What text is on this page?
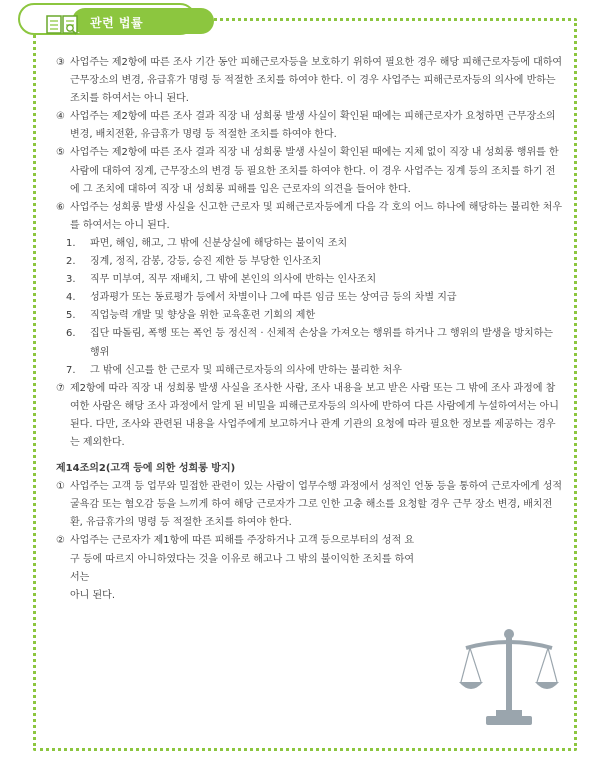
관련 법률
③ 사업주는 제2항에 따른 조사 기간 동안 피해근로자등을 보호하기 위하여 필요한 경우 해당 피해근로자등에 대하여 근무장소의 변경, 유급휴가 명령 등 적절한 조치를 하여야 한다. 이 경우 사업주는 피해근로자등의 의사에 반하는 조치를 하여서는 아니 된다.
④ 사업주는 제2항에 따른 조사 결과 직장 내 성희롱 발생 사실이 확인된 때에는 피해근로자가 요청하면 근무장소의 변경, 배치전환, 유급휴가 명령 등 적절한 조치를 하여야 한다.
⑤ 사업주는 제2항에 따른 조사 결과 직장 내 성희롱 발생 사실이 확인된 때에는 지체 없이 직장 내 성희롱 행위를 한 사람에 대하여 징계, 근무장소의 변경 등 필요한 조치를 하여야 한다. 이 경우 사업주는 징계 등의 조치를 하기 전에 그 조치에 대하여 직장 내 성희롱 피해를 입은 근로자의 의견을 들어야 한다.
⑥ 사업주는 성희롱 발생 사실을 신고한 근로자 및 피해근로자등에게 다음 각 호의 어느 하나에 해당하는 불리한 처우를 하여서는 아니 된다.
1. 파면, 해임, 해고, 그 밖에 신분상실에 해당하는 불이익 조치
2. 징계, 정직, 감봉, 강등, 승진 제한 등 부당한 인사조치
3. 직무 미부여, 직무 재배치, 그 밖에 본인의 의사에 반하는 인사조치
4. 성과평가 또는 동료평가 등에서 차별이나 그에 따른 임금 또는 상여금 등의 차별 지급
5. 직업능력 개발 및 향상을 위한 교육훈련 기회의 제한
6. 집단 따돌림, 폭행 또는 폭언 등 정신적 · 신체적 손상을 가져오는 행위를 하거나 그 행위의 발생을 방치하는 행위
7. 그 밖에 신고를 한 근로자 및 피해근로자등의 의사에 반하는 불리한 처우
⑦ 제2항에 따라 직장 내 성희롱 발생 사실을 조사한 사람, 조사 내용을 보고 받은 사람 또는 그 밖에 조사 과정에 참여한 사람은 해당 조사 과정에서 알게 된 비밀을 피해근로자등의 의사에 반하여 다른 사람에게 누설하여서는 아니 된다. 다만, 조사와 관련된 내용을 사업주에게 보고하거나 관계 기관의 요청에 따라 필요한 정보를 제공하는 경우는 제외한다.
제14조의2(고객 등에 의한 성희롱 방지)
① 사업주는 고객 등 업무와 밀접한 관련이 있는 사람이 업무수행 과정에서 성적인 언동 등을 통하여 근로자에게 성적 굴욕감 또는 혐오감 등을 느끼게 하여 해당 근로자가 그로 인한 고충 해소를 요청할 경우 근무 장소 변경, 배치전환, 유급휴가의 명령 등 적절한 조치를 하여야 한다.
② 사업주는 근로자가 제1항에 따른 피해를 주장하거나 고객 등으로부터의 성적 요구 등에 따르지 아니하였다는 것을 이유로 해고나 그 밖의 불이익한 조치를 하여서는
아니 된다.
